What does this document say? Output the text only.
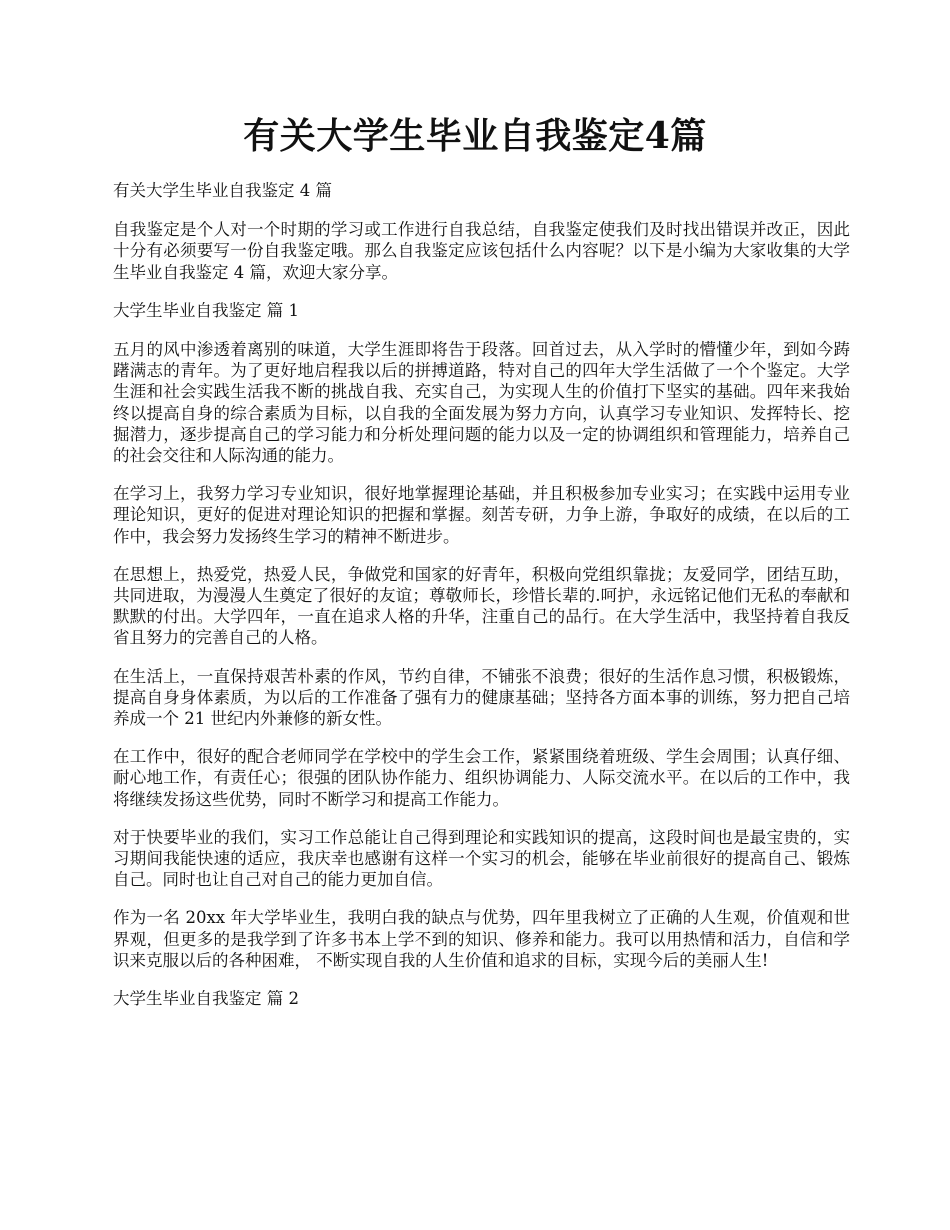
有关大学生毕业自我鉴定4篇

有关大学生毕业自我鉴定 4 篇

自我鉴定是个人对一个时期的学习或工作进行自我总结，自我鉴定使我们及时找出错误并改正，因此十分有必须要写一份自我鉴定哦。那么自我鉴定应该包括什么内容呢？以下是小编为大家收集的大学生毕业自我鉴定 4 篇，欢迎大家分享。

大学生毕业自我鉴定 篇 1

五月的风中渗透着离别的味道，大学生涯即将告于段落。回首过去，从入学时的懵懂少年，到如今踌躇满志的青年。为了更好地启程我以后的拼搏道路，特对自己的四年大学生活做了一个个鉴定。大学生涯和社会实践生活我不断的挑战自我、充实自己，为实现人生的价值打下坚实的基础。四年来我始终以提高自身的综合素质为目标，以自我的全面发展为努力方向，认真学习专业知识、发挥特长、挖掘潜力，逐步提高自己的学习能力和分析处理问题的能力以及一定的协调组织和管理能力，培养自己的社会交往和人际沟通的能力。

在学习上，我努力学习专业知识，很好地掌握理论基础，并且积极参加专业实习；在实践中运用专业理论知识，更好的促进对理论知识的把握和掌握。刻苦专研，力争上游，争取好的成绩，在以后的工作中，我会努力发扬终生学习的精神不断进步。

在思想上，热爱党，热爱人民，争做党和国家的好青年，积极向党组织靠拢；友爱同学，团结互助，共同进取，为漫漫人生奠定了很好的友谊；尊敬师长，珍惜长辈的.呵护，永远铭记他们无私的奉献和默默的付出。大学四年，一直在追求人格的升华，注重自己的品行。在大学生活中，我坚持着自我反省且努力的完善自己的人格。

在生活上，一直保持艰苦朴素的作风，节约自律，不铺张不浪费；很好的生活作息习惯，积极锻炼，提高自身身体素质，为以后的工作准备了强有力的健康基础；坚持各方面本事的训练，努力把自己培养成一个 21 世纪内外兼修的新女性。

在工作中，很好的配合老师同学在学校中的学生会工作，紧紧围绕着班级、学生会周围；认真仔细、耐心地工作，有责任心；很强的团队协作能力、组织协调能力、人际交流水平。在以后的工作中，我将继续发扬这些优势，同时不断学习和提高工作能力。

对于快要毕业的我们，实习工作总能让自己得到理论和实践知识的提高，这段时间也是最宝贵的，实习期间我能快速的适应，我庆幸也感谢有这样一个实习的机会，能够在毕业前很好的提高自己、锻炼自己。同时也让自己对自己的能力更加自信。

作为一名 20xx 年大学毕业生，我明白我的缺点与优势，四年里我树立了正确的人生观，价值观和世界观，但更多的是我学到了许多书本上学不到的知识、修养和能力。我可以用热情和活力，自信和学识来克服以后的各种困难， 不断实现自我的人生价值和追求的目标，实现今后的美丽人生!

大学生毕业自我鉴定 篇 2
